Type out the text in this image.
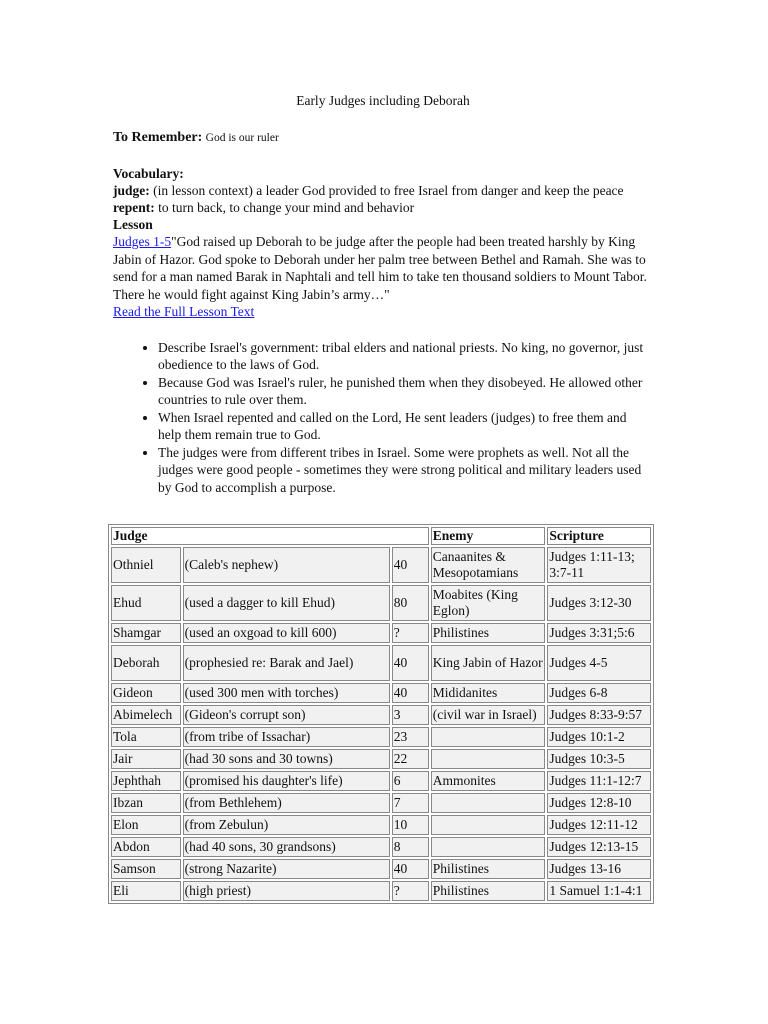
Early Judges including Deborah
To Remember: God is our ruler
Vocabulary:
judge: (in lesson context) a leader God provided to free Israel from danger and keep the peace
repent: to turn back, to change your mind and behavior
Lesson
Judges 1-5"God raised up Deborah to be judge after the people had been treated harshly by King Jabin of Hazor. God spoke to Deborah under her palm tree between Bethel and Ramah. She was to send for a man named Barak in Naphtali and tell him to take ten thousand soldiers to Mount Tabor. There he would fight against King Jabin’s army…"
Read the Full Lesson Text
• Describe Israel's government: tribal elders and national priests. No king, no governor, just obedience to the laws of God.
• Because God was Israel's ruler, he punished them when they disobeyed. He allowed other countries to rule over them.
• When Israel repented and called on the Lord, He sent leaders (judges) to free them and help them remain true to God.
• The judges were from different tribes in Israel. Some were prophets as well. Not all the judges were good people - sometimes they were strong political and military leaders used by God to accomplish a purpose.
Judge			Enemy	Scripture
Othniel	(Caleb's nephew)	40	Canaanites & Mesopotamians	Judges 1:11-13; 3:7-11
Ehud	(used a dagger to kill Ehud)	80	Moabites (King Eglon)	Judges 3:12-30
Shamgar	(used an oxgoad to kill 600)	?	Philistines	Judges 3:31;5:6
Deborah	(prophesied re: Barak and Jael)	40	King Jabin of Hazor	Judges 4-5
Gideon	(used 300 men with torches)	40	Mididanites	Judges 6-8
Abimelech	(Gideon's corrupt son)	3	(civil war in Israel)	Judges 8:33-9:57
Tola	(from tribe of Issachar)	23		Judges 10:1-2
Jair	(had 30 sons and 30 towns)	22		Judges 10:3-5
Jephthah	(promised his daughter's life)	6	Ammonites	Judges 11:1-12:7
Ibzan	(from Bethlehem)	7		Judges 12:8-10
Elon	(from Zebulun)	10		Judges 12:11-12
Abdon	(had 40 sons, 30 grandsons)	8		Judges 12:13-15
Samson	(strong Nazarite)	40	Philistines	Judges 13-16
Eli	(high priest)	?	Philistines	1 Samuel 1:1-4:1
